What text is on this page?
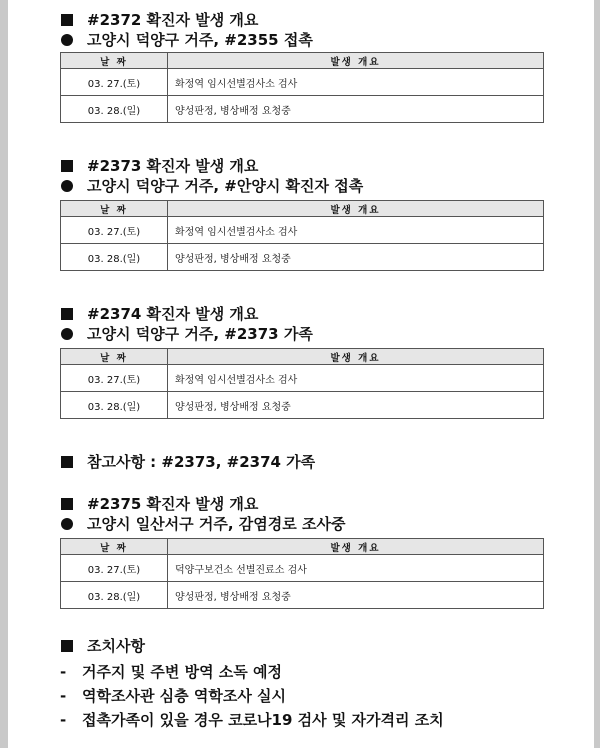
#2372 확진자 발생 개요
고양시 덕양구 거주, #2355 접촉
날 짜	발생 개요
03. 27.(토)	화정역 임시선별검사소 검사
03. 28.(일)	양성판정, 병상배정 요청중
#2373 확진자 발생 개요
고양시 덕양구 거주, #안양시 확진자 접촉
날 짜	발생 개요
03. 27.(토)	화정역 임시선별검사소 검사
03. 28.(일)	양성판정, 병상배정 요청중
#2374 확진자 발생 개요
고양시 덕양구 거주, #2373 가족
날 짜	발생 개요
03. 27.(토)	화정역 임시선별검사소 검사
03. 28.(일)	양성판정, 병상배정 요청중
참고사항 : #2373, #2374 가족
#2375 확진자 발생 개요
고양시 일산서구 거주, 감염경로 조사중
날 짜	발생 개요
03. 27.(토)	덕양구보건소 선별진료소 검사
03. 28.(일)	양성판정, 병상배정 요청중
조치사항
-	거주지 및 주변 방역 소독 예정
-	역학조사관 심층 역학조사 실시
-	접촉가족이 있을 경우 코로나19 검사 및 자가격리 조치
